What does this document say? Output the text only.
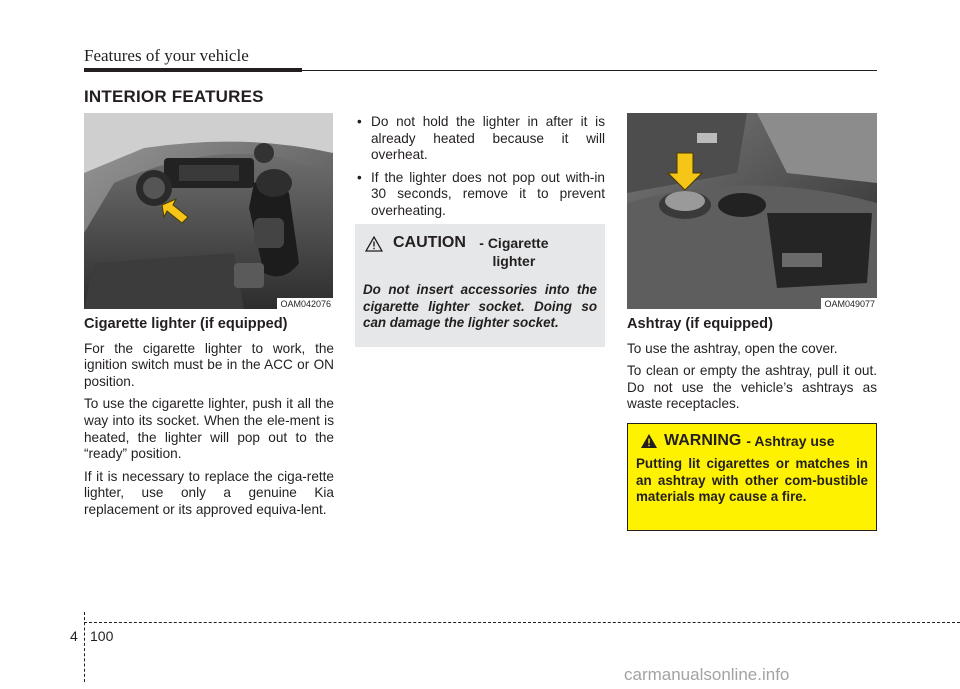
Features of your vehicle
INTERIOR FEATURES
OAM042076	OAM049077
Cigarette lighter (if equipped)

For the cigarette lighter to work, the ignition switch must be in the ACC or ON position.

To use the cigarette lighter, push it all the way into its socket. When the ele-ment is heated, the lighter will pop out to the “ready” position.

If it is necessary to replace the ciga-rette lighter, use only a genuine Kia replacement or its approved equiva-lent.

• Do not hold the lighter in after it is already heated because it will overheat.
• If the lighter does not pop out with-in 30 seconds, remove it to prevent overheating.
CAUTION - Cigarette lighter
Do not insert accessories into the cigarette lighter socket. Doing so can damage the lighter socket.	Ashtray (if equipped)

To use the ashtray, open the cover.

To clean or empty the ashtray, pull it out. Do not use the vehicle’s ashtrays as waste receptacles.

WARNING - Ashtray use
Putting lit cigarettes or matches in an ashtray with other com-bustible materials may cause a fire.
4 100
carmanualsonline.info
